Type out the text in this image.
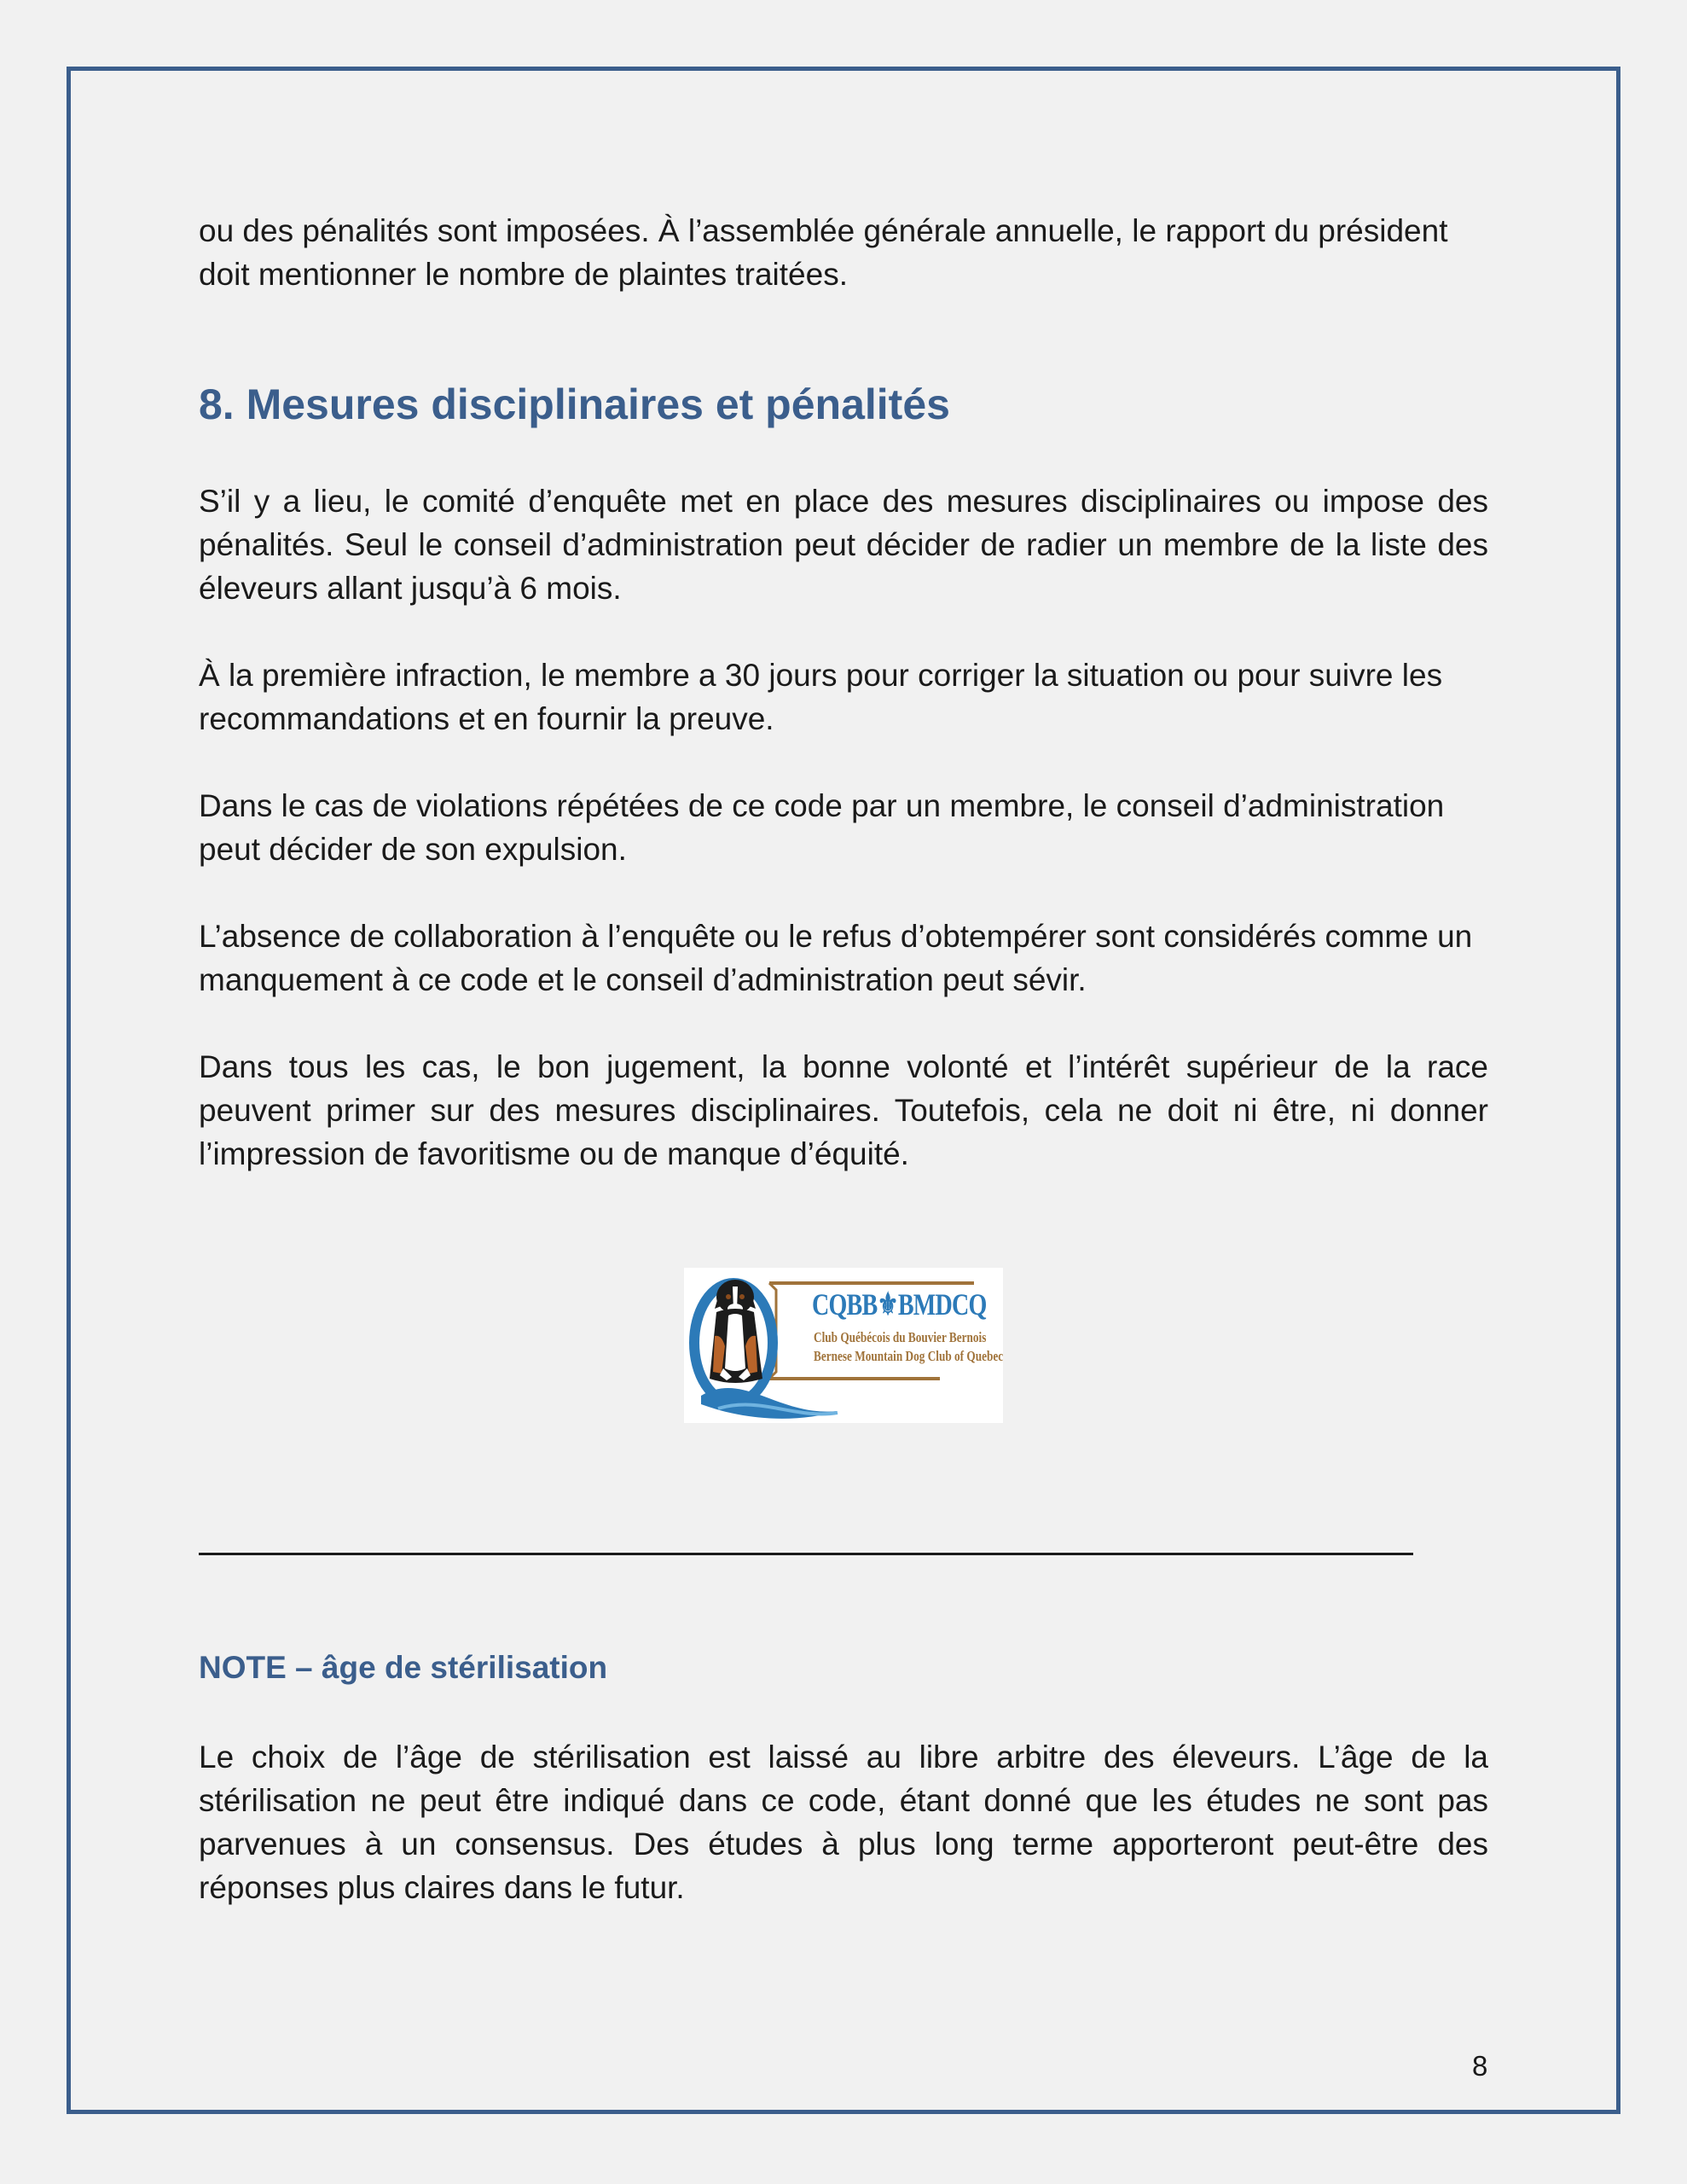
ou des pénalités sont imposées. À l’assemblée générale annuelle, le rapport du président doit mentionner le nombre de plaintes traitées.

8. Mesures disciplinaires et pénalités

S’il y a lieu, le comité d’enquête met en place des mesures disciplinaires ou impose des pénalités. Seul le conseil d’administration peut décider de radier un membre de la liste des éleveurs allant jusqu’à 6 mois.

À la première infraction, le membre a 30 jours pour corriger la situation ou pour suivre les recommandations et en fournir la preuve.

Dans le cas de violations répétées de ce code par un membre, le conseil d’administration peut décider de son expulsion.

L’absence de collaboration à l’enquête ou le refus d’obtempérer sont considérés comme un manquement à ce code et le conseil d’administration peut sévir.

Dans tous les cas, le bon jugement, la bonne volonté et l’intérêt supérieur de la race peuvent primer sur des mesures disciplinaires. Toutefois, cela ne doit ni être, ni donner l’impression de favoritisme ou de manque d’équité.

CQBB⚜BMDCQ
Club Québécois du Bouvier Bernois
Bernese Mountain Dog Club of Quebec
NOTE – âge de stérilisation

Le choix de l’âge de stérilisation est laissé au libre arbitre des éleveurs. L’âge de la stérilisation ne peut être indiqué dans ce code, étant donné que les études ne sont pas parvenues à un consensus. Des études à plus long terme apporteront peut-être des réponses plus claires dans le futur.

8
